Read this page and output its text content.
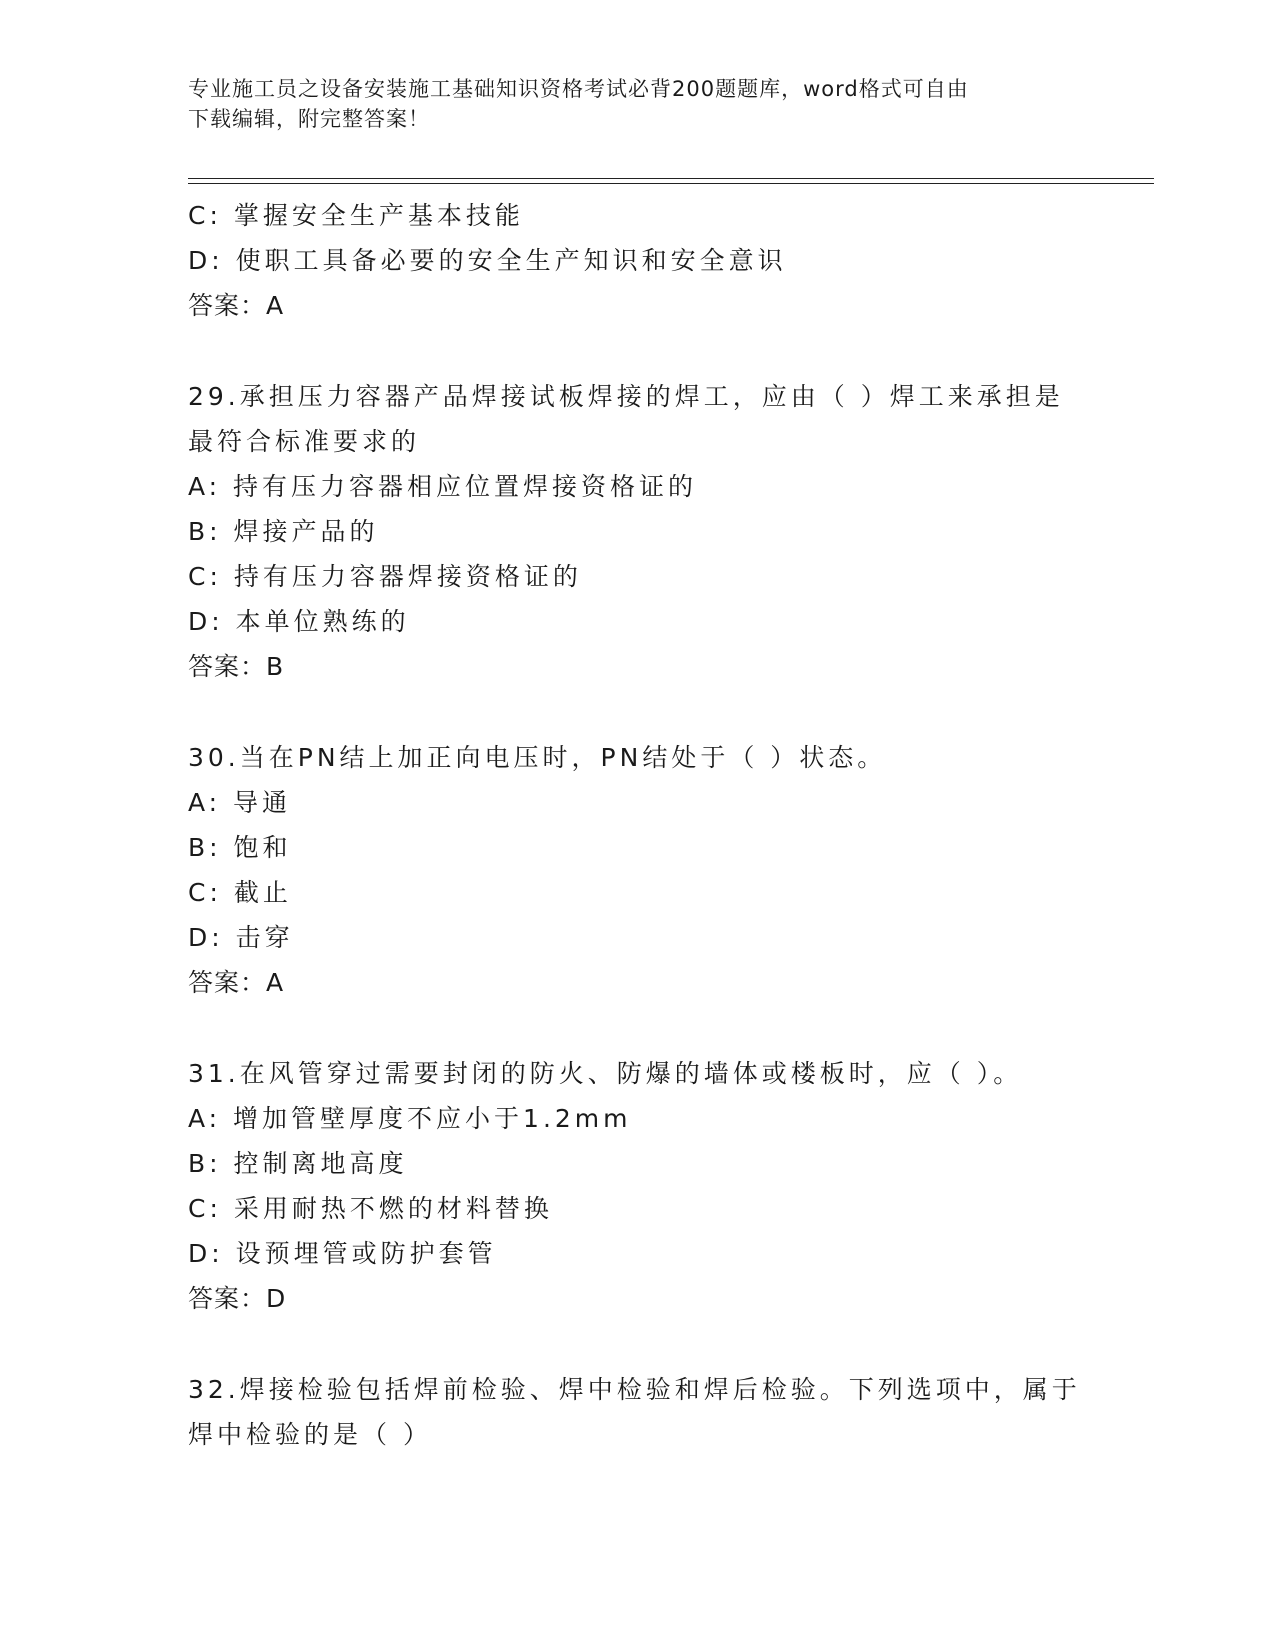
专业施工员之设备安装施工基础知识资格考试必背200题题库，word格式可自由
下载编辑，附完整答案！
C: 掌握安全生产基本技能
D: 使职工具备必要的安全生产知识和安全意识
答案：A
29.承担压力容器产品焊接试板焊接的焊工，应由（ ）焊工来承担是
最符合标准要求的
A: 持有压力容器相应位置焊接资格证的
B: 焊接产品的
C: 持有压力容器焊接资格证的
D: 本单位熟练的
答案：B
30.当在PN结上加正向电压时，PN结处于（ ）状态。
A: 导通
B: 饱和
C: 截止
D: 击穿
答案：A
31.在风管穿过需要封闭的防火、防爆的墙体或楼板时，应（ ）。
A: 增加管壁厚度不应小于1.2mm
B: 控制离地高度
C: 采用耐热不燃的材料替换
D: 设预埋管或防护套管
答案：D
32.焊接检验包括焊前检验、焊中检验和焊后检验。下列选项中，属于
焊中检验的是（ ）
